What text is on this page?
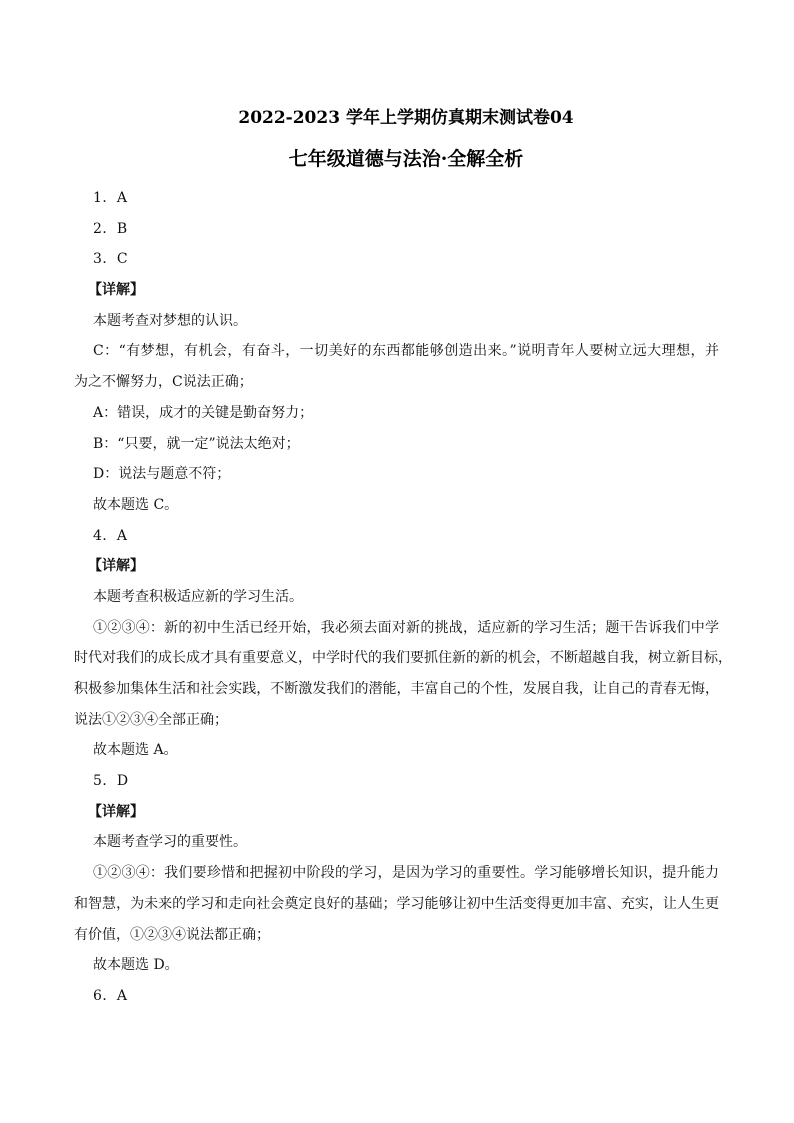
2022-2023 学年上学期仿真期末测试卷04
七年级道德与法治·全解全析
1．A
2．B
3．C
【详解】
本题考查对梦想的认识。
C：“有梦想，有机会，有奋斗，一切美好的东西都能够创造出来。”说明青年人要树立远大理想，并
为之不懈努力，C说法正确；
A：错误，成才的关键是勤奋努力；
B：“只要，就一定”说法太绝对；
D：说法与题意不符；
故本题选 C。
4．A
【详解】
本题考查积极适应新的学习生活。
①②③④：新的初中生活已经开始，我必须去面对新的挑战，适应新的学习生活；题干告诉我们中学
时代对我们的成长成才具有重要意义，中学时代的我们要抓住新的新的机会，不断超越自我，树立新目标，
积极参加集体生活和社会实践，不断激发我们的潜能，丰富自己的个性，发展自我，让自己的青春无悔，
说法①②③④全部正确；
故本题选 A。
5．D
【详解】
本题考查学习的重要性。
①②③④：我们要珍惜和把握初中阶段的学习，是因为学习的重要性。学习能够增长知识，提升能力
和智慧，为未来的学习和走向社会奠定良好的基础；学习能够让初中生活变得更加丰富、充实，让人生更
有价值，①②③④说法都正确；
故本题选 D。
6．A
